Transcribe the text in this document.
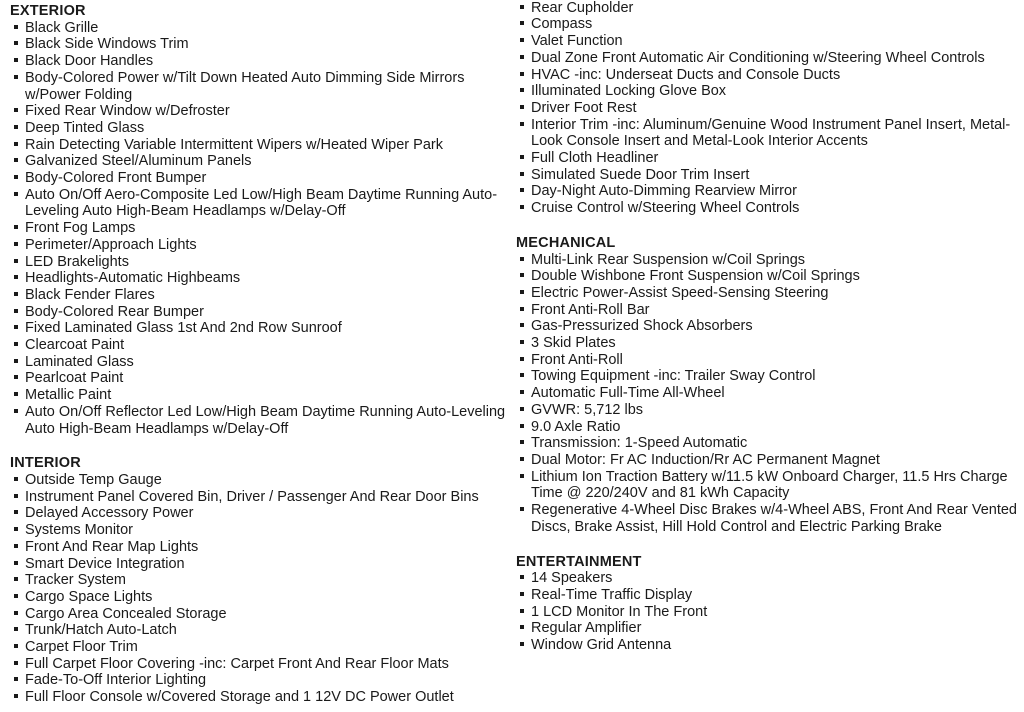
EXTERIOR
Black Grille
Black Side Windows Trim
Black Door Handles
Body-Colored Power w/Tilt Down Heated Auto Dimming Side Mirrors w/Power Folding
Fixed Rear Window w/Defroster
Deep Tinted Glass
Rain Detecting Variable Intermittent Wipers w/Heated Wiper Park
Galvanized Steel/Aluminum Panels
Body-Colored Front Bumper
Auto On/Off Aero-Composite Led Low/High Beam Daytime Running Auto-Leveling Auto High-Beam Headlamps w/Delay-Off
Front Fog Lamps
Perimeter/Approach Lights
LED Brakelights
Headlights-Automatic Highbeams
Black Fender Flares
Body-Colored Rear Bumper
Fixed Laminated Glass 1st And 2nd Row Sunroof
Clearcoat Paint
Laminated Glass
Pearlcoat Paint
Metallic Paint
Auto On/Off Reflector Led Low/High Beam Daytime Running Auto-Leveling Auto High-Beam Headlamps w/Delay-Off
INTERIOR
Outside Temp Gauge
Instrument Panel Covered Bin, Driver / Passenger And Rear Door Bins
Delayed Accessory Power
Systems Monitor
Front And Rear Map Lights
Smart Device Integration
Tracker System
Cargo Space Lights
Cargo Area Concealed Storage
Trunk/Hatch Auto-Latch
Carpet Floor Trim
Full Carpet Floor Covering -inc: Carpet Front And Rear Floor Mats
Fade-To-Off Interior Lighting
Full Floor Console w/Covered Storage and 1 12V DC Power Outlet
Rear Cupholder
Compass
Valet Function
Dual Zone Front Automatic Air Conditioning w/Steering Wheel Controls
HVAC -inc: Underseat Ducts and Console Ducts
Illuminated Locking Glove Box
Driver Foot Rest
Interior Trim -inc: Aluminum/Genuine Wood Instrument Panel Insert, Metal-Look Console Insert and Metal-Look Interior Accents
Full Cloth Headliner
Simulated Suede Door Trim Insert
Day-Night Auto-Dimming Rearview Mirror
Cruise Control w/Steering Wheel Controls
MECHANICAL
Multi-Link Rear Suspension w/Coil Springs
Double Wishbone Front Suspension w/Coil Springs
Electric Power-Assist Speed-Sensing Steering
Front Anti-Roll Bar
Gas-Pressurized Shock Absorbers
3 Skid Plates
Front Anti-Roll
Towing Equipment -inc: Trailer Sway Control
Automatic Full-Time All-Wheel
GVWR: 5,712 lbs
9.0 Axle Ratio
Transmission: 1-Speed Automatic
Dual Motor: Fr AC Induction/Rr AC Permanent Magnet
Lithium Ion Traction Battery w/11.5 kW Onboard Charger, 11.5 Hrs Charge Time @ 220/240V and 81 kWh Capacity
Regenerative 4-Wheel Disc Brakes w/4-Wheel ABS, Front And Rear Vented Discs, Brake Assist, Hill Hold Control and Electric Parking Brake
ENTERTAINMENT
14 Speakers
Real-Time Traffic Display
1 LCD Monitor In The Front
Regular Amplifier
Window Grid Antenna
